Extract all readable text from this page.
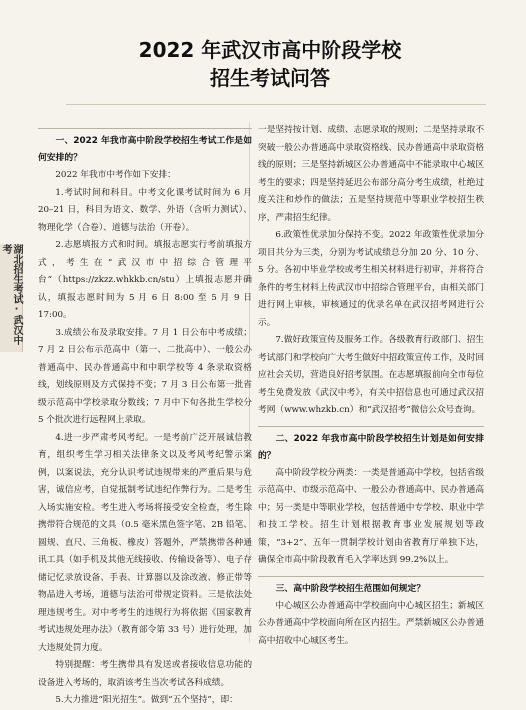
湖北招生考试·武汉中考
2022 年武汉市高中阶段学校
招生考试问答

一、2022 年我市高中阶段学校招生考试工作是如何安排的？

2022 年我市中考作如下安排：

1.考试时间和科目。中考文化课考试时间为 6 月 20–21 日，科目为语文、数学、外语（含听力测试）、物理化学（合卷）、道德与法治（开卷）。

2.志愿填报方式和时间。填报志愿实行考前填报方式，考生在“武汉市中招综合管理平台”（https://zkzz.whkkb.cn/stu）上填报志愿并确认，填报志愿时间为 5 月 6 日 8:00 至 5 月 9 日 17:00。

3.成绩公布及录取安排。7 月 1 日公布中考成绩；7 月 2 日公布示范高中（第一、二批高中）、一般公办普通高中、民办普通高中和中职学校等 4 条录取资格线，划线原则及方式保持不变；7 月 3 日公布第一批省级示范高中学校录取分数线；7 月中下旬各批生学校分 5 个批次进行远程网上录取。

4.进一步严肃考风考纪。一是考前广泛开展诚信教育，组织考生学习相关法律条文以及考风考纪警示案例，以案说法，充分认识考试违规带来的严重后果与危害，诚信应考，自觉抵制考试违纪作弊行为。二是考生入场实施安检。考生进入考场将接受安全检查，考生除携带符合规范的文具（0.5 毫米黑色签字笔、2B 铅笔、圆规、直尺、三角板、橡皮）答题外，严禁携带各种通讯工具（如手机及其他无线接收、传输设备等）、电子存储记忆录放设备、手表、计算器以及涂改液、修正带等物品进入考场，道德与法治可带规定资料。三是依法处理违规考生。对中考考生的违规行为将依据《国家教育考试违规处理办法》（教育部令第 33 号）进行处理，加大违规处罚力度。

特别提醒：考生携带具有发送或者接收信息功能的设备进入考场的，取消该考生当次考试各科成绩。

5.大力推进“阳光招生”。做到“五个坚持”，即：

一是坚持按计划、成绩、志愿录取的规则；二是坚持录取不突破一般公办普通高中录取资格线、民办普通高中录取资格线的原则；三是坚持新城区公办普通高中不能录取中心城区考生的要求；四是坚持延迟公布部分高分考生成绩，杜绝过度关注和炒作的做法；五是坚持规范中等职业学校招生秩序，严肃招生纪律。

6.政策性优录加分保持不变。2022 年政策性优录加分项目共分为三类，分别为考试成绩总分加 20 分、10 分、5 分。各初中毕业学校或考生相关材料进行初审，并将符合条件的考生材料上传武汉市中招综合管理平台，由相关部门进行网上审核，审核通过的优录名单在武汉招考网进行公示。

7.做好政策宣传及服务工作。各级教育行政部门、招生考试部门和学校向广大考生做好中招政策宣传工作，及时回应社会关切，营造良好招考氛围。在志愿填报前向全市每位考生免费发放《武汉中考》，有关中招信息也可通过武汉招考网（www.whzkb.cn）和“武汉招考”微信公众号查询。

二、2022 年我市高中阶段学校招生计划是如何安排的？

高中阶段学校分两类：一类是普通高中学校，包括省级示范高中、市级示范高中、一般公办普通高中、民办普通高中；另一类是中等职业学校，包括普通中专学校、职业中学和技工学校。招生计划根据教育事业发展规划等政策，“3+2”、五年一贯制学校计划由省教育厅单独下达，确保全市高中阶段教育毛入学率达到 99.2%以上。

三、高中阶段学校招生范围如何规定？

中心城区公办普通高中学校面向中心城区招生；新城区公办普通高中学校面向所在区内招生。严禁新城区公办普通高中招收中心城区考生。
